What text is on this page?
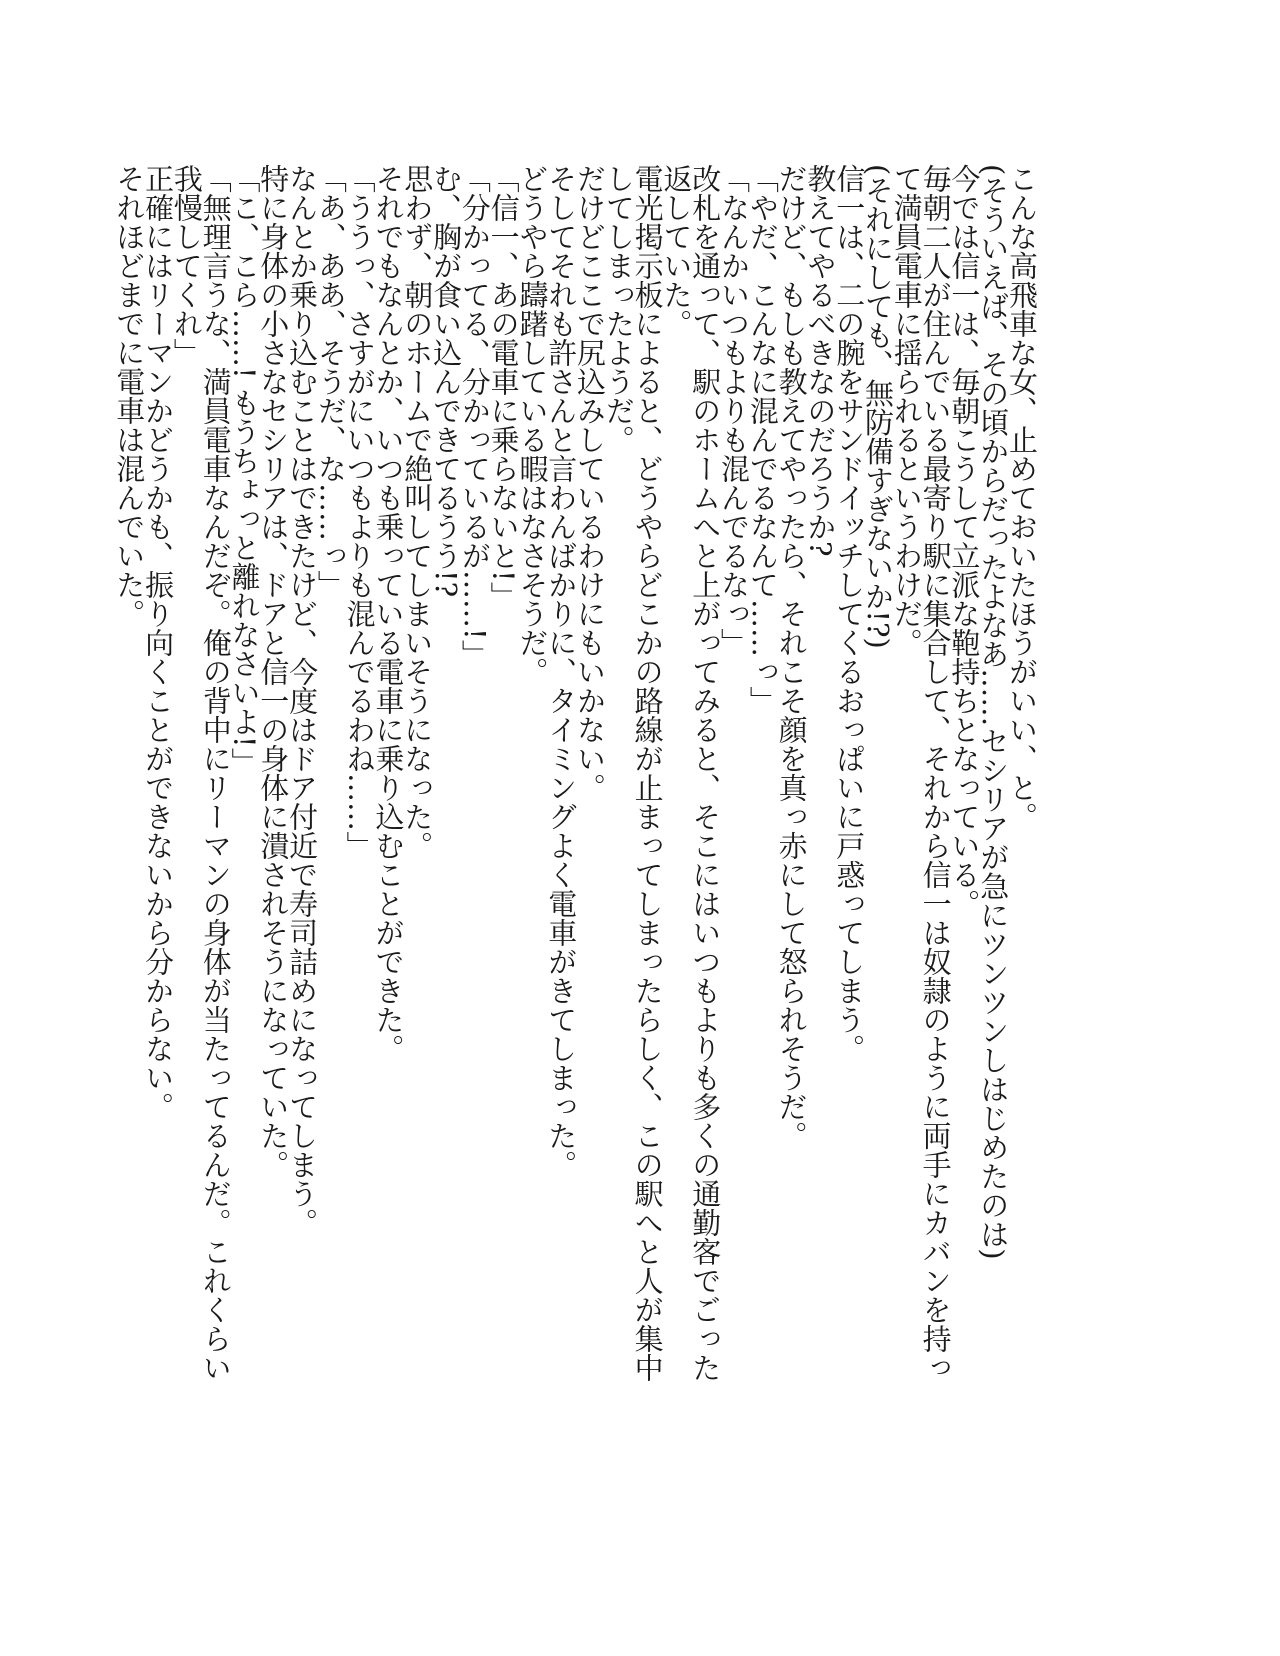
こんな高飛車な女、止めておいたほうがいい、と。

(そういえば、その頃からだったよなあ……セシリアが急にツンツンしはじめたのは)

今では信一は、毎朝こうして立派な鞄持ちとなっている。

毎朝二人が住んでいる最寄り駅に集合して、それから信一は奴隷のように両手にカバンを持って満員電車に揺られるというわけだ。

(それにしても、無防備すぎないか!?)

信一は、二の腕をサンドイッチしてくるおっぱいに戸惑ってしまう。

教えてやるべきなのだろうか?

だけど、もしも教えてやったら、それこそ顔を真っ赤にして怒られそうだ。

「やだ、こんなに混んでるなんて……っ」

「なんかいつもよりも混んでるなっ」

改札を通って、駅のホームへと上がってみると、そこにはいつもよりも多くの通勤客でごった返していた。

電光掲示板によると、どうやらどこかの路線が止まってしまったらしく、この駅へと人が集中してしまったようだ。

だけどここで尻込みしているわけにもいかない。

そしてそれも許さんと言わんばかりに、タイミングよく電車がきてしまった。

どうやら躊躇している暇はなさそうだ。

「信一、あの電車に乗らないと!」

「分かってる、分かっているが……!」

む、胸が食い込んできてるうう!?

思わず、朝のホームで絶叫してしまいそうになった。

それでもなんとか、いつも乗っている電車に乗り込むことができた。

「ううっ、さすがにいつもよりも混んでるわね……」

「あ、ああ、そうだ、な……っ」

なんとか乗り込むことはできたけど、今度はドア付近で寿司詰めになってしまう。

特に身体の小さなセシリアは、ドアと信一の身体に潰されそうになっていた。

「こ、こら……! もうちょっと離れなさいよ!」

「無理言うな、満員電車なんだぞ。俺の背中にリーマンの身体が当たってるんだ。これくらい我慢してくれ」

正確にはリーマンかどうかも、振り向くことができないから分からない。

それほどまでに電車は混んでいた。
